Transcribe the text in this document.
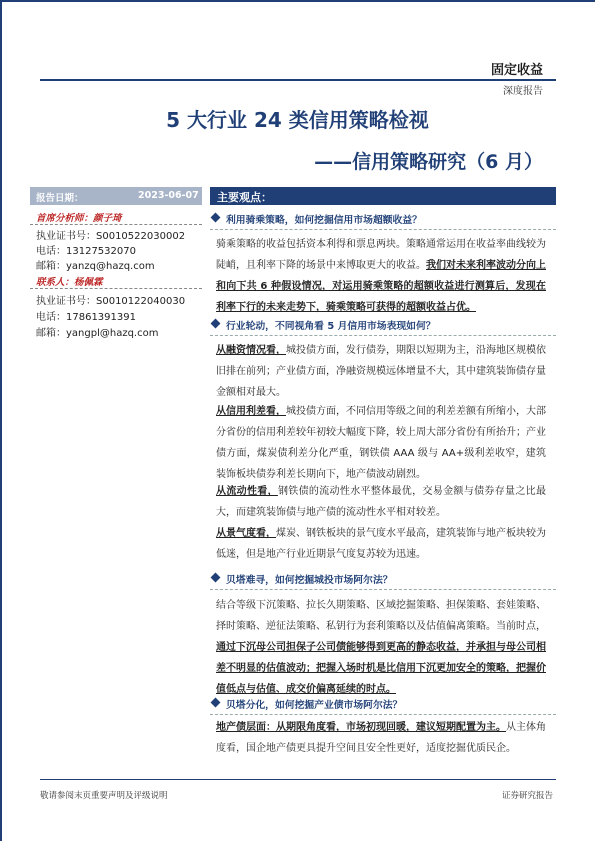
固定收益
深度报告
5 大行业 24 类信用策略检视
——信用策略研究（6 月）
报告日期：	2023-06-07
首席分析师：颜子琦
执业证书号：S0010522030002
电话：13127532070
邮箱：yanzq@hazq.com
联系人：杨佩霖
执业证书号：S0010122040030
电话：17861391391
邮箱：yangpl@hazq.com
主要观点：
利用骑乘策略，如何挖掘信用市场超额收益？
骑乘策略的收益包括资本利得和票息两块。策略通常运用在收益率曲线较为陡峭，且利率下降的场景中来博取更大的收益。我们对未来利率波动分向上和向下共 6 种假设情况，对运用骑乘策略的超额收益进行测算后，发现在利率下行的未来走势下，骑乘策略可获得的超额收益占优。
行业轮动，不同视角看 5 月信用市场表现如何？
从融资情况看，城投债方面，发行债券，期限以短期为主，沿海地区规模依旧排在前列；产业债方面，净融资规模远体增量不大，其中建筑装饰债存量金额相对最大。
从信用利差看，城投债方面，不同信用等级之间的利差差额有所缩小，大部分省份的信用利差较年初较大幅度下降，较上周大部分省份有所抬升；产业债方面，煤炭债利差分化严重，钢铁债 AAA 级与 AA+级利差收窄，建筑装饰板块债券利差长期向下，地产债波动剧烈。
从流动性看，钢铁债的流动性水平整体最优，交易金额与债券存量之比最大，而建筑装饰债与地产债的流动性水平相对较差。
从景气度看，煤炭、钢铁板块的景气度水平最高，建筑装饰与地产板块较为低迷，但是地产行业近期景气度复苏较为迅速。
贝塔难寻，如何挖掘城投市场阿尔法？
结合等级下沉策略、拉长久期策略、区域挖掘策略、担保策略、套娃策略、择时策略、逆征法策略、私钥行为套利策略以及估值偏离策略。当前时点，通过下沉母公司担保子公司债能够得到更高的静态收益，并承担与母公司相差不明显的估值波动；把握入场时机是比信用下沉更加安全的策略，把握价值低点与估值、成交价偏离延续的时点。
贝塔分化，如何挖掘产业债市场阿尔法？
地产债层面：从期限角度看，市场初现回暖，建议短期配置为主。从主体角度看，国企地产债更具提升空间且安全性更好，适度挖掘优质民企。
敬请参阅末页重要声明及评级说明	证券研究报告
